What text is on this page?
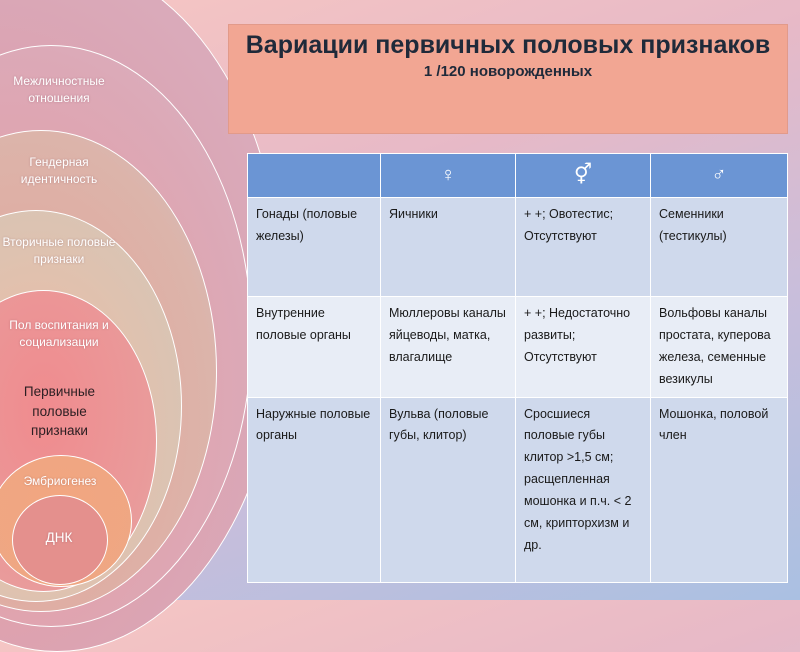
Межличностные отношения
Гендерная идентичность
Вторичные половые признаки
Пол воспитания и социализации
Первичные половые признаки
Эмбриогенез
ДНК
Вариации первичных половых признаков
1 /120 новорожденных
	♀	⚥	♂
Гонады (половые железы)	Яичники	+ +; Овотестис; Отсутствуют	Семенники (тестикулы)
Внутренние половые органы	Мюллеровы каналы яйцеводы, матка, влагалище	+ +; Недостаточно развиты; Отсутствуют	Вольфовы каналы простата, куперова железа, семенные везикулы
Наружные половые органы	Вульва (половые губы, клитор)	Сросшиеся половые губы клитор >1,5 см; расщепленная мошонка и п.ч. < 2 см, крипторхизм и др.	Мошонка, половой член
